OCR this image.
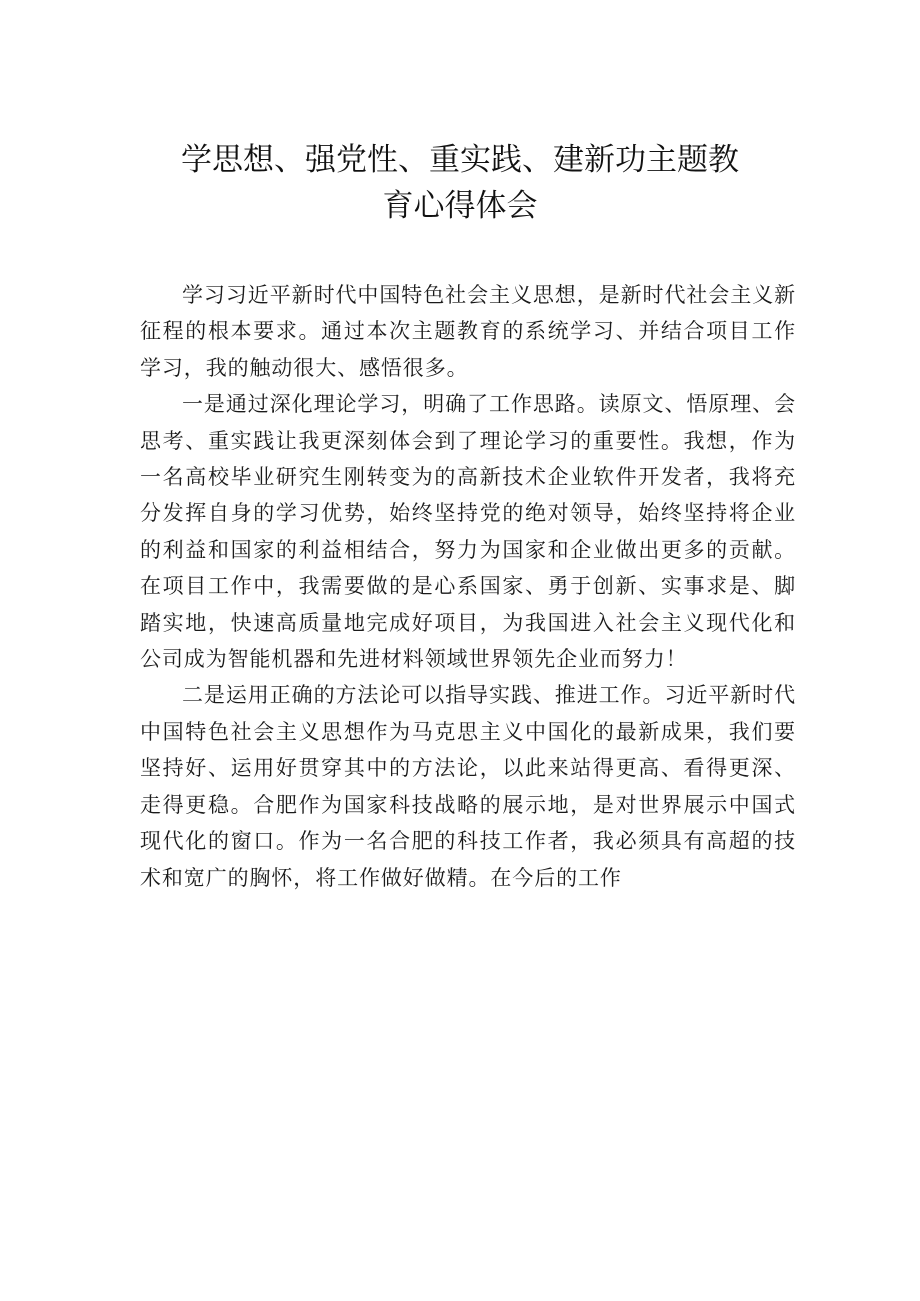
学思想、强党性、重实践、建新功主题教
育心得体会

学习习近平新时代中国特色社会主义思想，是新时代社会主义新征程的根本要求。通过本次主题教育的系统学习、并结合项目工作学习，我的触动很大、感悟很多。

一是通过深化理论学习，明确了工作思路。读原文、悟原理、会思考、重实践让我更深刻体会到了理论学习的重要性。我想，作为一名高校毕业研究生刚转变为的高新技术企业软件开发者，我将充分发挥自身的学习优势，始终坚持党的绝对领导，始终坚持将企业的利益和国家的利益相结合，努力为国家和企业做出更多的贡献。在项目工作中，我需要做的是心系国家、勇于创新、实事求是、脚踏实地，快速高质量地完成好项目，为我国进入社会主义现代化和公司成为智能机器和先进材料领域世界领先企业而努力！

二是运用正确的方法论可以指导实践、推进工作。习近平新时代中国特色社会主义思想作为马克思主义中国化的最新成果，我们要坚持好、运用好贯穿其中的方法论，以此来站得更高、看得更深、走得更稳。合肥作为国家科技战略的展示地，是对世界展示中国式现代化的窗口。作为一名合肥的科技工作者，我必须具有高超的技术和宽广的胸怀，将工作做好做精。在今后的工作
